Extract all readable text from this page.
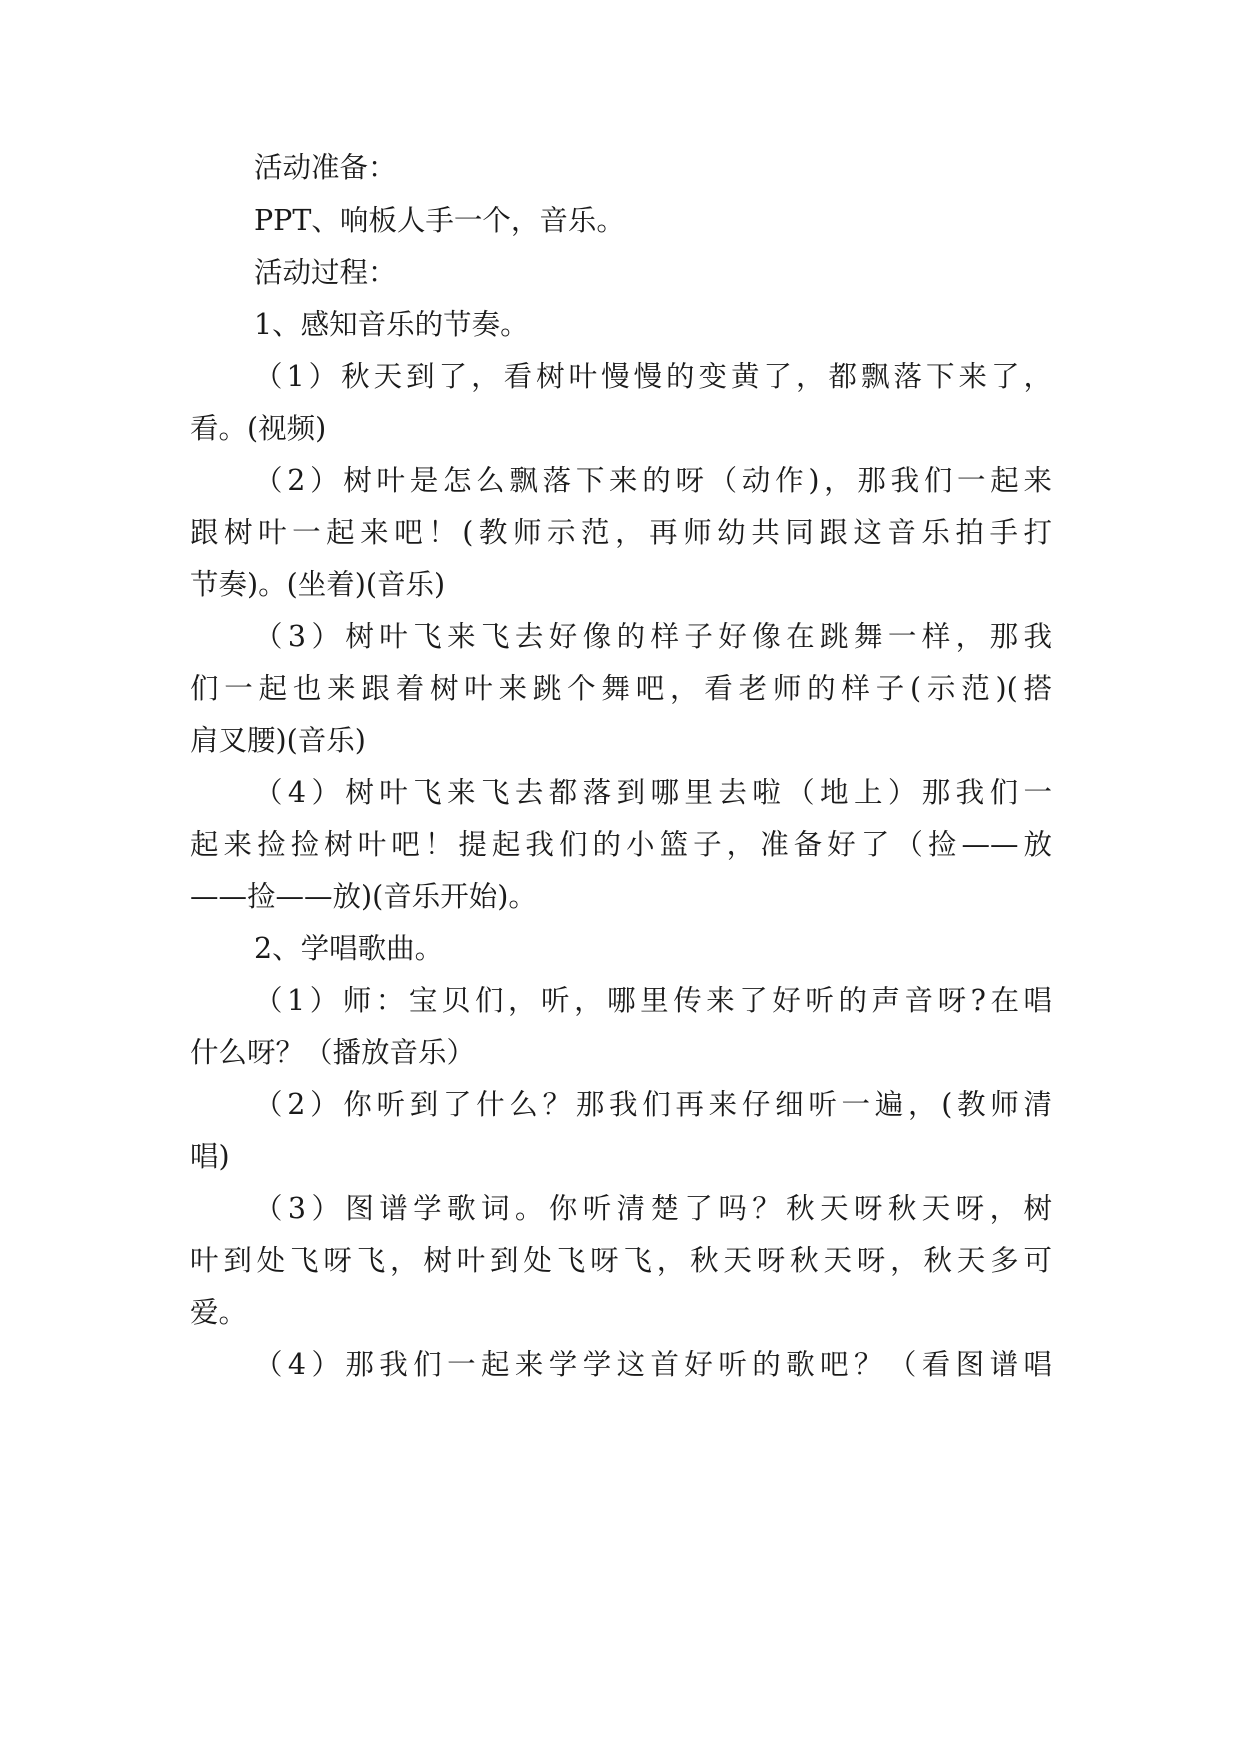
活动准备：
PPT、响板人手一个，音乐。
活动过程：
1、感知音乐的节奏。
（1）秋天到了，看树叶慢慢的变黄了，都飘落下来了，
看。(视频)
（2）树叶是怎么飘落下来的呀（动作)，那我们一起来
跟树叶一起来吧！(教师示范，再师幼共同跟这音乐拍手打
节奏)。(坐着)(音乐)
（3）树叶飞来飞去好像的样子好像在跳舞一样，那我
们一起也来跟着树叶来跳个舞吧，看老师的样子(示范)(搭
肩叉腰)(音乐)
（4）树叶飞来飞去都落到哪里去啦（地上）那我们一
起来捡捡树叶吧！提起我们的小篮子，准备好了（捡——放
——捡——放)(音乐开始)。
2、学唱歌曲。
（1）师：宝贝们，听，哪里传来了好听的声音呀?在唱
什么呀？（播放音乐）
（2）你听到了什么？那我们再来仔细听一遍，(教师清
唱)
（3）图谱学歌词。你听清楚了吗？秋天呀秋天呀，树
叶到处飞呀飞，树叶到处飞呀飞，秋天呀秋天呀，秋天多可
爱。
（4）那我们一起来学学这首好听的歌吧？（看图谱唱
